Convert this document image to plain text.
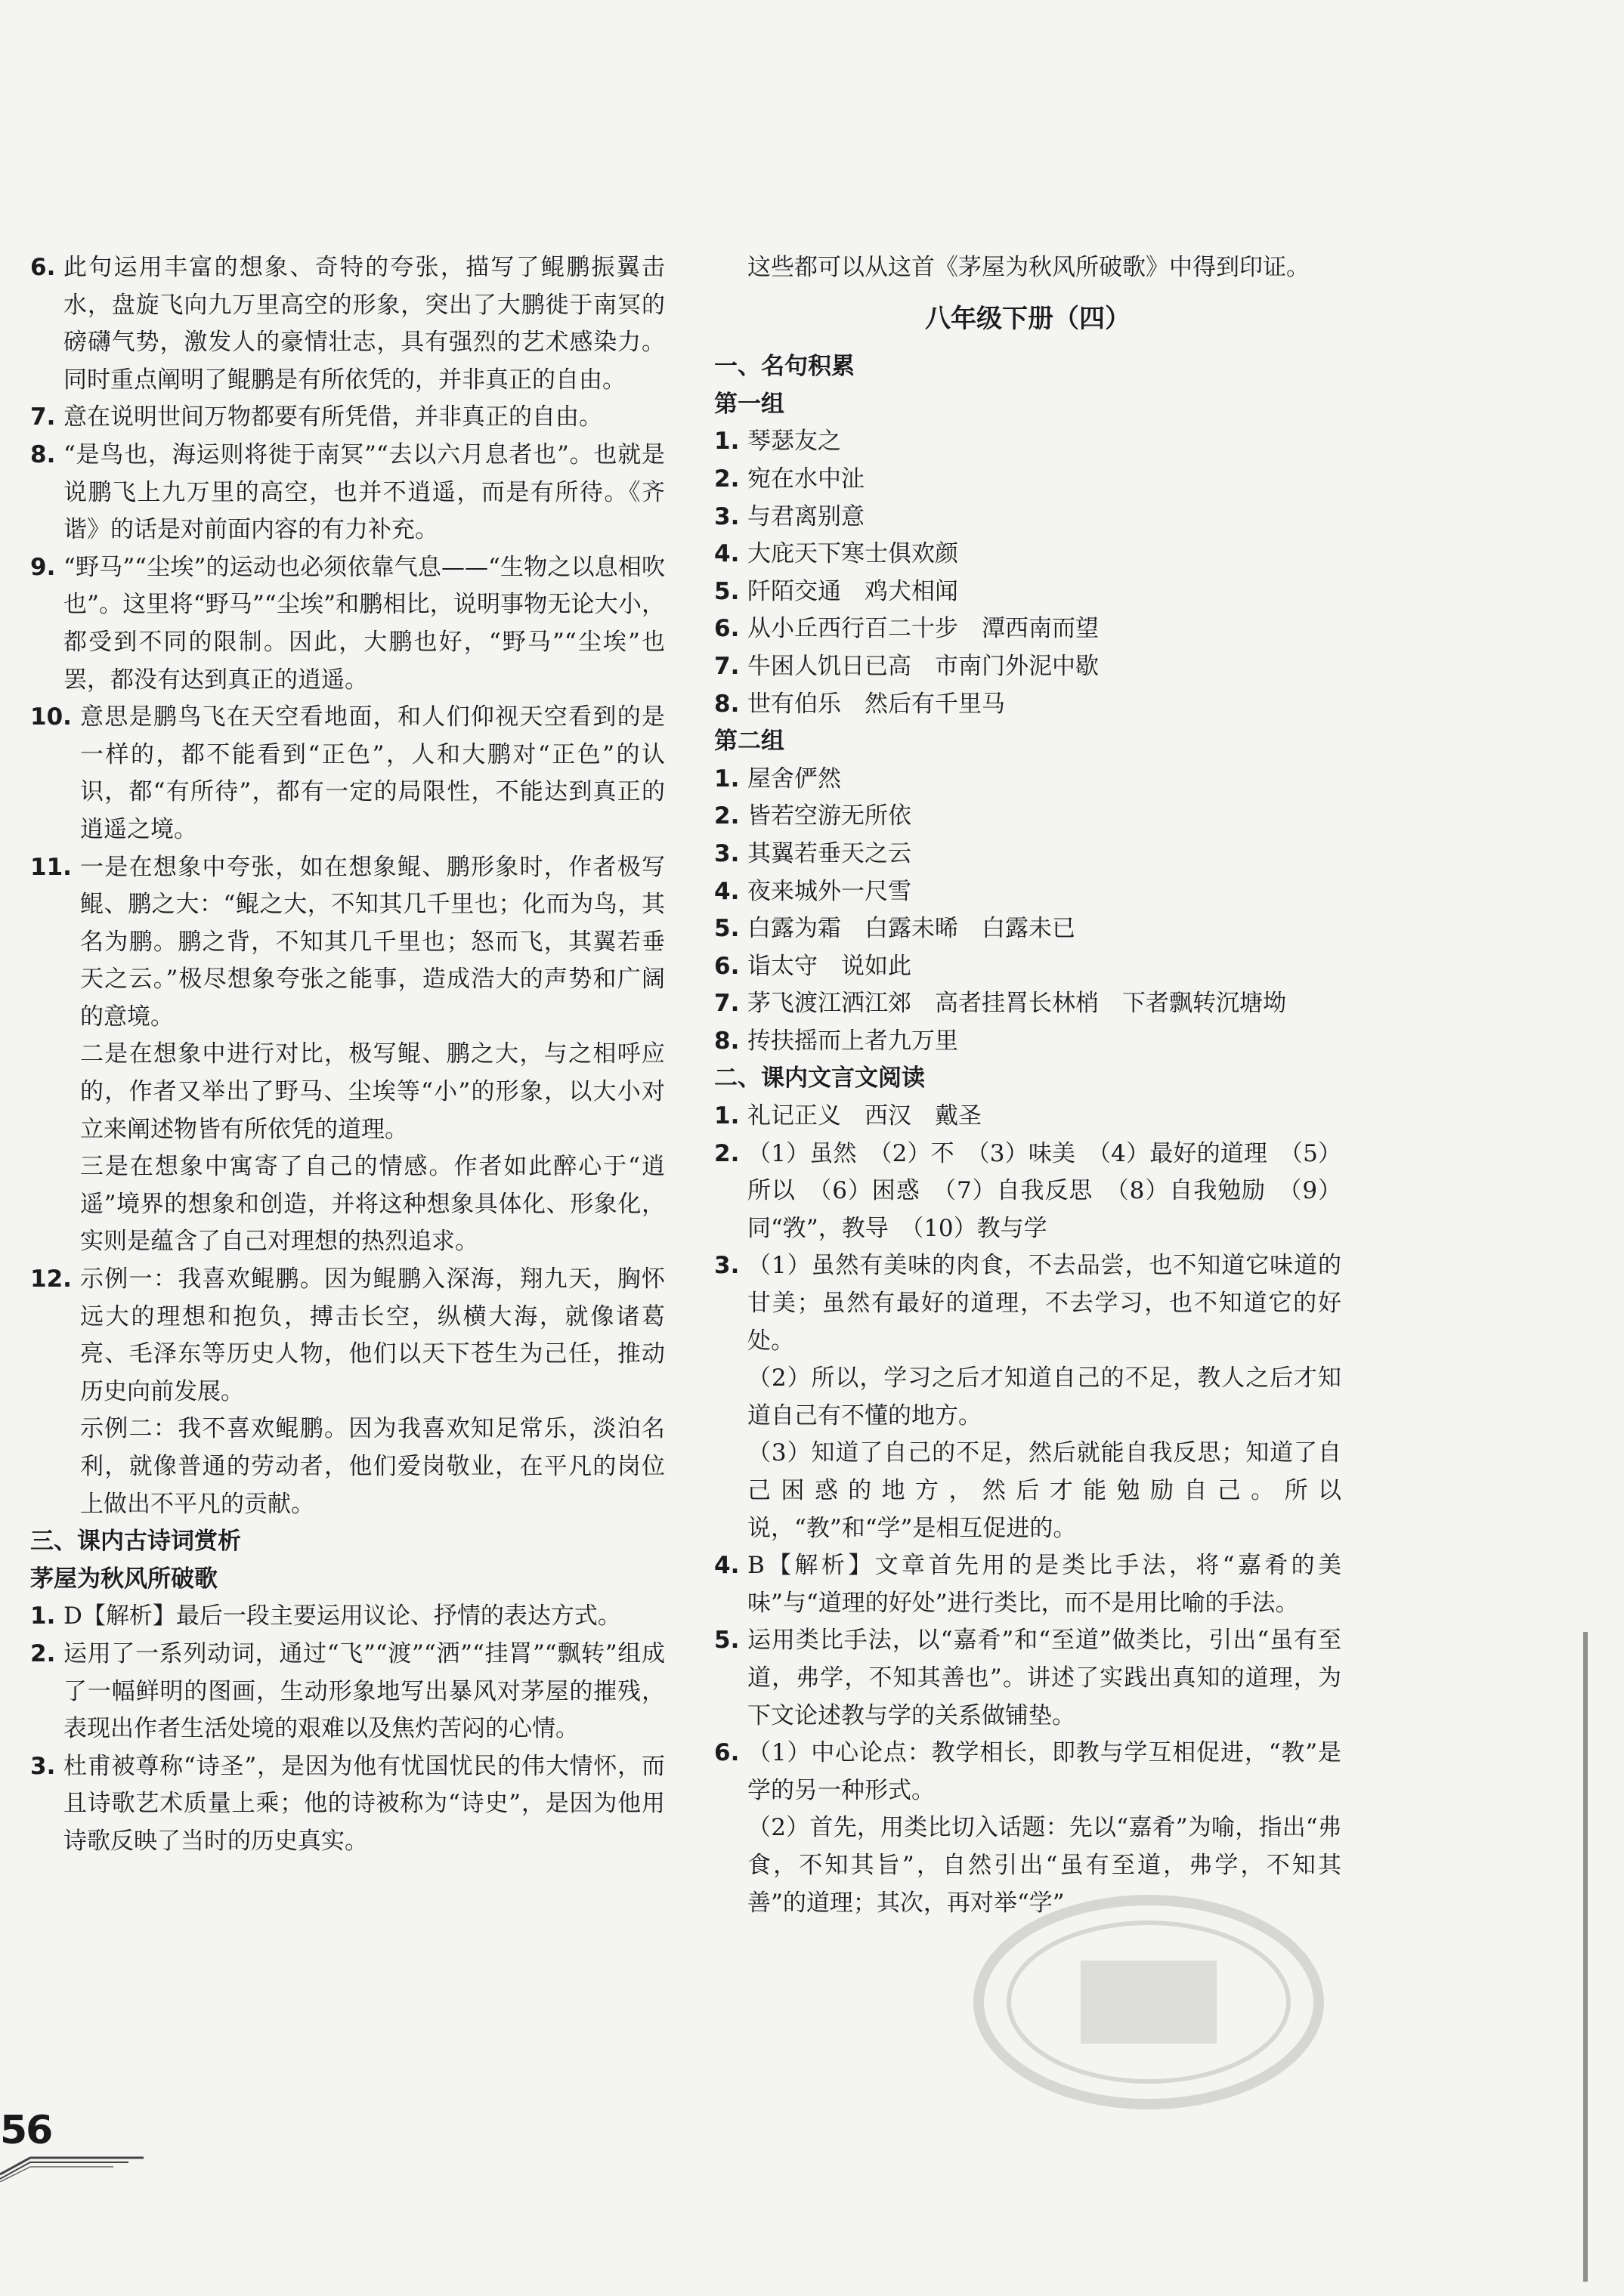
6. 此句运用丰富的想象、奇特的夸张，描写了鲲鹏振翼击水，盘旋飞向九万里高空的形象，突出了大鹏徙于南冥的磅礴气势，激发人的豪情壮志，具有强烈的艺术感染力。同时重点阐明了鲲鹏是有所依凭的，并非真正的自由。
7. 意在说明世间万物都要有所凭借，并非真正的自由。
8. “是鸟也，海运则将徙于南冥”“去以六月息者也”。也就是说鹏飞上九万里的高空，也并不逍遥，而是有所待。《齐谐》的话是对前面内容的有力补充。
9. “野马”“尘埃”的运动也必须依靠气息——“生物之以息相吹也”。这里将“野马”“尘埃”和鹏相比，说明事物无论大小，都受到不同的限制。因此，大鹏也好，“野马”“尘埃”也罢，都没有达到真正的逍遥。
10. 意思是鹏鸟飞在天空看地面，和人们仰视天空看到的是一样的，都不能看到“正色”，人和大鹏对“正色”的认识，都“有所待”，都有一定的局限性，不能达到真正的逍遥之境。
11. 一是在想象中夸张，如在想象鲲、鹏形象时，作者极写鲲、鹏之大：“鲲之大，不知其几千里也；化而为鸟，其名为鹏。鹏之背，不知其几千里也；怒而飞，其翼若垂天之云。”极尽想象夸张之能事，造成浩大的声势和广阔的意境。
二是在想象中进行对比，极写鲲、鹏之大，与之相呼应的，作者又举出了野马、尘埃等“小”的形象，以大小对立来阐述物皆有所依凭的道理。
三是在想象中寓寄了自己的情感。作者如此醉心于“逍遥”境界的想象和创造，并将这种想象具体化、形象化，实则是蕴含了自己对理想的热烈追求。
12. 示例一：我喜欢鲲鹏。因为鲲鹏入深海，翔九天，胸怀远大的理想和抱负，搏击长空，纵横大海，就像诸葛亮、毛泽东等历史人物，他们以天下苍生为己任，推动历史向前发展。
示例二：我不喜欢鲲鹏。因为我喜欢知足常乐，淡泊名利，就像普通的劳动者，他们爱岗敬业，在平凡的岗位上做出不平凡的贡献。
三、课内古诗词赏析
茅屋为秋风所破歌
1. D【解析】最后一段主要运用议论、抒情的表达方式。
2. 运用了一系列动词，通过“飞”“渡”“洒”“挂罥”“飘转”组成了一幅鲜明的图画，生动形象地写出暴风对茅屋的摧残，表现出作者生活处境的艰难以及焦灼苦闷的心情。
3. 杜甫被尊称“诗圣”，是因为他有忧国忧民的伟大情怀，而且诗歌艺术质量上乘；他的诗被称为“诗史”，是因为他用诗歌反映了当时的历史真实。
这些都可以从这首《茅屋为秋风所破歌》中得到印证。
八年级下册（四）
一、名句积累
第一组
1. 琴瑟友之
2. 宛在水中沚
3. 与君离别意
4. 大庇天下寒士俱欢颜
5. 阡陌交通　鸡犬相闻
6. 从小丘西行百二十步　潭西南而望
7. 牛困人饥日已高　市南门外泥中歇
8. 世有伯乐　然后有千里马
第二组
1. 屋舍俨然
2. 皆若空游无所依
3. 其翼若垂天之云
4. 夜来城外一尺雪
5. 白露为霜　白露未晞　白露未已
6. 诣太守　说如此
7. 茅飞渡江洒江郊　高者挂罥长林梢　下者飘转沉塘坳
8. 抟扶摇而上者九万里
二、课内文言文阅读
1. 礼记正义　西汉　戴圣
2. （1）虽然　（2）不　（3）味美　（4）最好的道理　（5）所以　（6）困惑　（7）自我反思　（8）自我勉励　（9）同“敩”，教导　（10）教与学
3. （1）虽然有美味的肉食，不去品尝，也不知道它味道的甘美；虽然有最好的道理，不去学习，也不知道它的好处。
（2）所以，学习之后才知道自己的不足，教人之后才知道自己有不懂的地方。
（3）知道了自己的不足，然后就能自我反思；知道了自己困惑的地方，然后才能勉励自己。所以说，“教”和“学”是相互促进的。
4. B【解析】文章首先用的是类比手法，将“嘉肴的美味”与“道理的好处”进行类比，而不是用比喻的手法。
5. 运用类比手法，以“嘉肴”和“至道”做类比，引出“虽有至道，弗学，不知其善也”。讲述了实践出真知的道理，为下文论述教与学的关系做铺垫。
6. （1）中心论点：教学相长，即教与学互相促进，“教”是学的另一种形式。
（2）首先，用类比切入话题：先以“嘉肴”为喻，指出“弗食，不知其旨”，自然引出“虽有至道，弗学，不知其善”的道理；其次，再对举“学”
56
